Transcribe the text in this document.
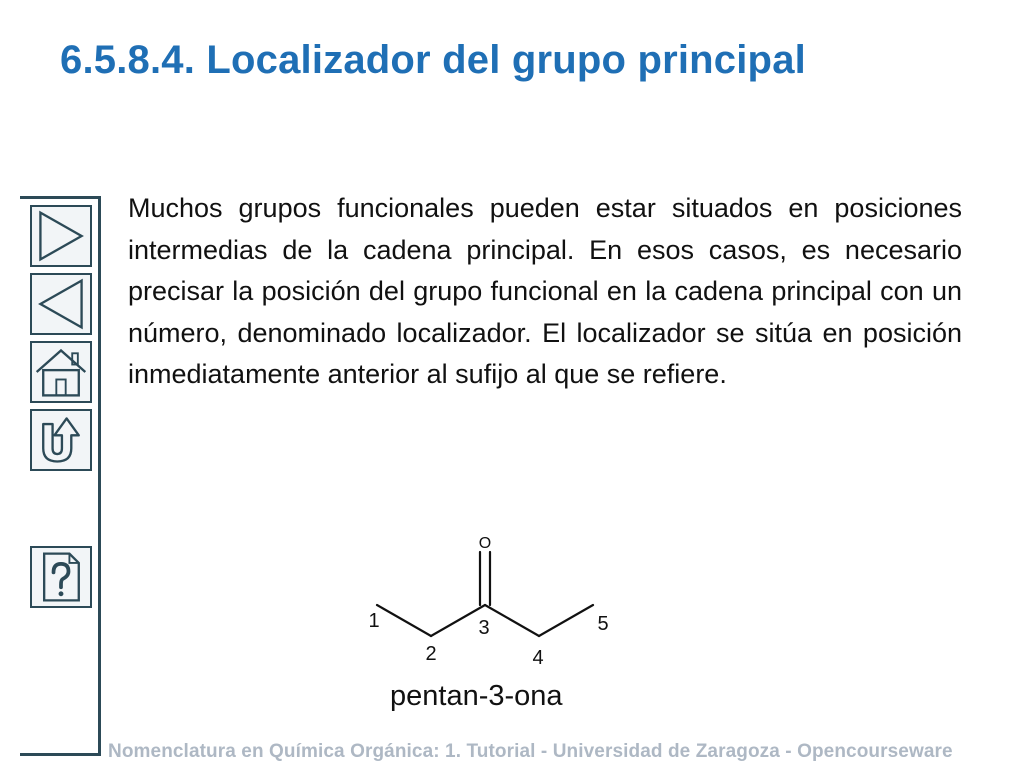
6.5.8.4. Localizador del grupo principal

Muchos grupos funcionales pueden estar situados en posiciones intermedias de la cadena principal. En esos casos, es necesario precisar la posición del grupo funcional en la cadena principal con un número, denominado localizador. El localizador se sitúa en posición inmediatamente anterior al sufijo al que se refiere.

O
1
2
3
4
5
pentan-3-ona
Nomenclatura en Química Orgánica: 1. Tutorial - Universidad de Zaragoza - Opencourseware
